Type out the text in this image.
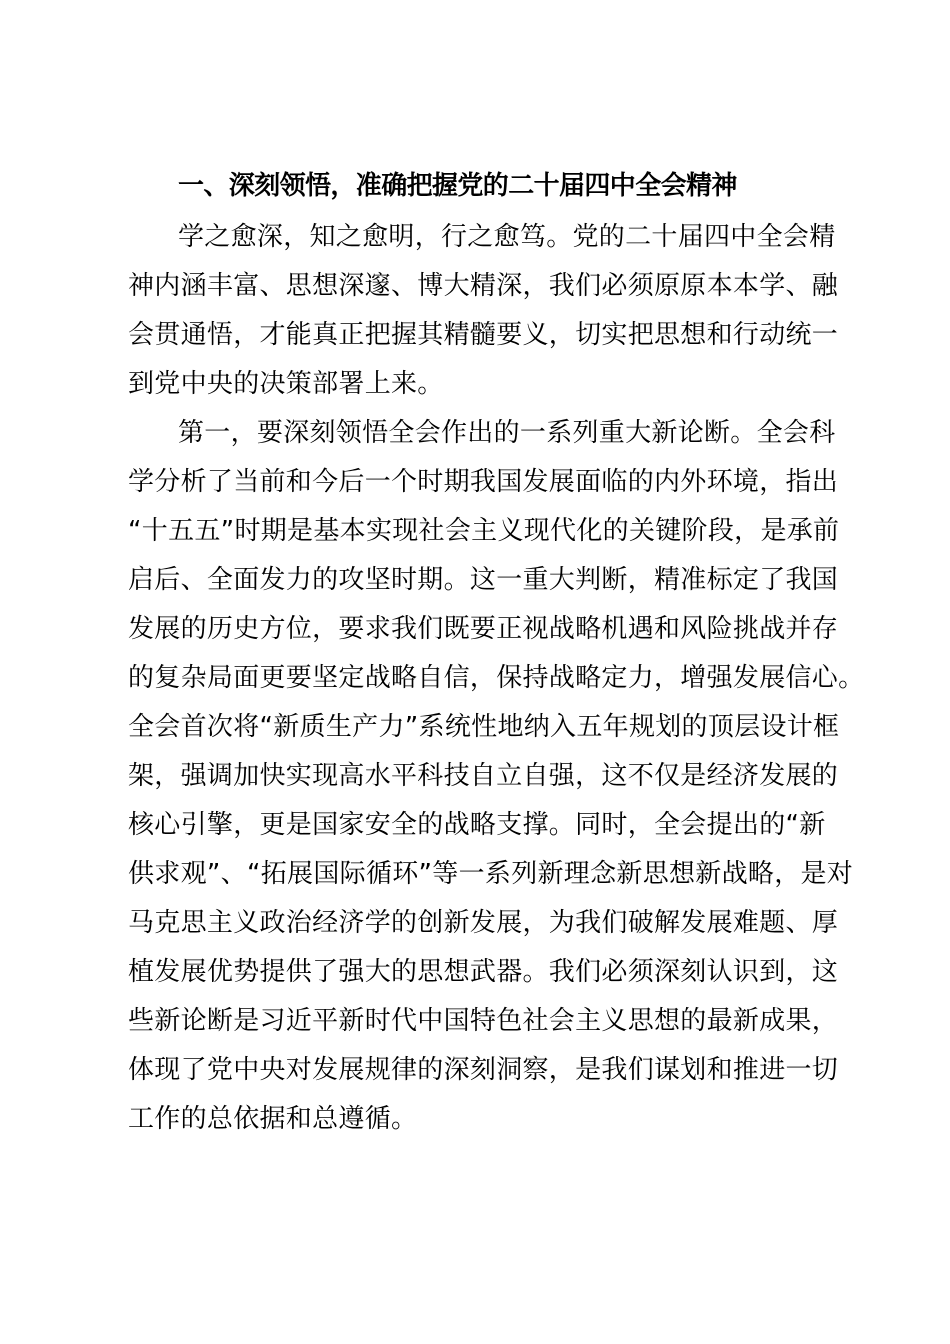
一、深刻领悟，准确把握党的二十届四中全会精神
学之愈深，知之愈明，行之愈笃。党的二十届四中全会精
神内涵丰富、思想深邃、博大精深，我们必须原原本本学、融
会贯通悟，才能真正把握其精髓要义，切实把思想和行动统一
到党中央的决策部署上来。
第一，要深刻领悟全会作出的一系列重大新论断。全会科
学分析了当前和今后一个时期我国发展面临的内外环境，指出
“十五五”时期是基本实现社会主义现代化的关键阶段，是承前
启后、全面发力的攻坚时期。这一重大判断，精准标定了我国
发展的历史方位，要求我们既要正视战略机遇和风险挑战并存
的复杂局面更要坚定战略自信，保持战略定力，增强发展信心。
全会首次将“新质生产力”系统性地纳入五年规划的顶层设计框
架，强调加快实现高水平科技自立自强，这不仅是经济发展的
核心引擎，更是国家安全的战略支撑。同时，全会提出的“新
供求观”、“拓展国际循环”等一系列新理念新思想新战略，是对
马克思主义政治经济学的创新发展，为我们破解发展难题、厚
植发展优势提供了强大的思想武器。我们必须深刻认识到，这
些新论断是习近平新时代中国特色社会主义思想的最新成果，
体现了党中央对发展规律的深刻洞察，是我们谋划和推进一切
工作的总依据和总遵循。
